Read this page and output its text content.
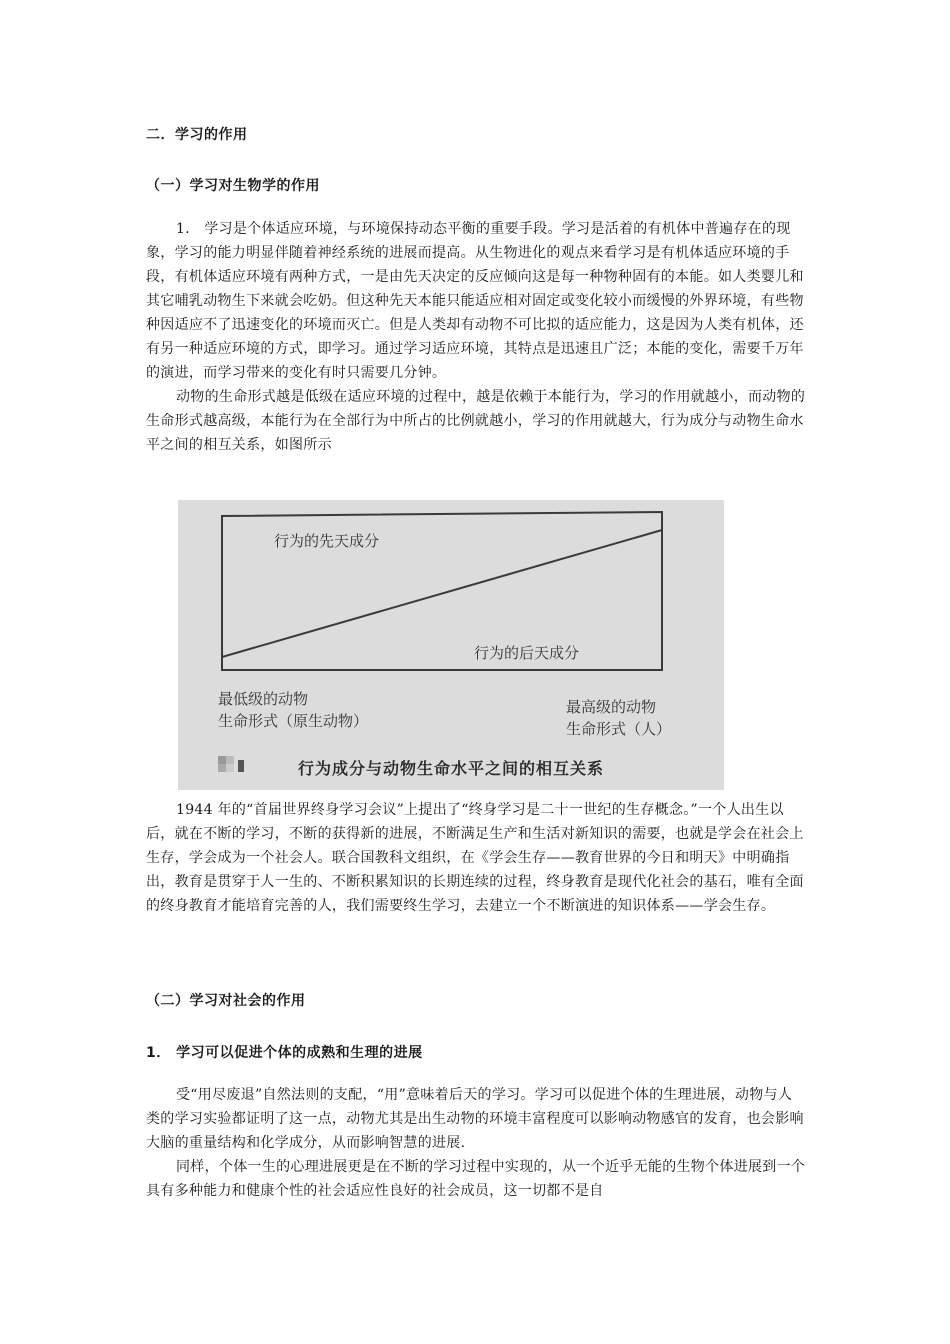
二．学习的作用
（一）学习对生物学的作用

1． 学习是个体适应环境，与环境保持动态平衡的重要手段。学习是活着的有机体中普遍存在的现象，学习的能力明显伴随着神经系统的进展而提高。从生物进化的观点来看学习是有机体适应环境的手段，有机体适应环境有两种方式，一是由先天决定的反应倾向这是每一种物种固有的本能。如人类婴儿和其它哺乳动物生下来就会吃奶。但这种先天本能只能适应相对固定或变化较小而缓慢的外界环境，有些物种因适应不了迅速变化的环境而灭亡。但是人类却有动物不可比拟的适应能力，这是因为人类有机体，还有另一种适应环境的方式，即学习。通过学习适应环境，其特点是迅速且广泛；本能的变化，需要千万年的演进，而学习带来的变化有时只需要几分钟。

动物的生命形式越是低级在适应环境的过程中，越是依赖于本能行为，学习的作用就越小，而动物的生命形式越高级，本能行为在全部行为中所占的比例就越小，学习的作用就越大，行为成分与动物生命水平之间的相互关系，如图所示

行为的先天成分
行为的后天成分
最低级的动物
生命形式（原生动物）
最高级的动物
生命形式（人）
行为成分与动物生命水平之间的相互关系

1944 年的“首届世界终身学习会议”上提出了“终身学习是二十一世纪的生存概念。”一个人出生以后，就在不断的学习，不断的获得新的进展，不断满足生产和生活对新知识的需要，也就是学会在社会上生存，学会成为一个社会人。联合国教科文组织，在《学会生存——教育世界的今日和明天》中明确指出，教育是贯穿于人一生的、不断积累知识的长期连续的过程，终身教育是现代化社会的基石，唯有全面的终身教育才能培育完善的人，我们需要终生学习，去建立一个不断演进的知识体系——学会生存。

（二）学习对社会的作用
1． 学习可以促进个体的成熟和生理的进展

受“用尽废退”自然法则的支配，“用”意味着后天的学习。学习可以促进个体的生理进展，动物与人类的学习实验都证明了这一点，动物尤其是出生动物的环境丰富程度可以影响动物感官的发育，也会影响大脑的重量结构和化学成分，从而影响智慧的进展.

同样，个体一生的心理进展更是在不断的学习过程中实现的，从一个近乎无能的生物个体进展到一个具有多种能力和健康个性的社会适应性良好的社会成员，这一切都不是自
